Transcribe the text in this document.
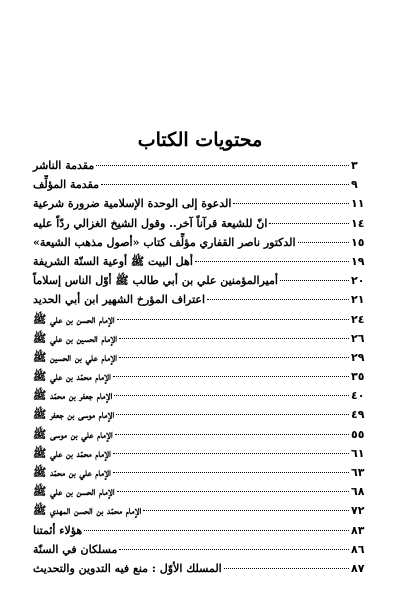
محتويات الكتاب
مقدمة الناشر	٣
مقدمة المؤلِّف	٩
الدعوة إلى الوحدة الإسلامية ضرورة شرعية	١١
انّ للشيعة قرآناً آخر.. وقول الشيخ الغزالي ردّاً عليه	١٤
الدكتور ناصر القفاري مؤلِّف كتاب «أصول مذهب الشيعة»	١٥
أهل البيت ﷺ أوعية السنّة الشريفة	١٩
أميرالمؤمنين علي بن أبي طالب ﷺ أوّل الناس إسلاماً	٢٠
اعتراف المؤرخ الشهير ابن أبي الحديد	٢١
الإمام الحسن بن علي ﷺ	٢٤
الإمام الحسين بن علي ﷺ	٢٦
الإمام علي بن الحسين ﷺ	٢٩
الإمام محمّد بن علي ﷺ	٣٥
الإمام جعفر بن محمّد ﷺ	٤٠
الإمام موسى بن جعفر ﷺ	٤٩
الإمام علي بن موسى ﷺ	٥٥
الإمام محمّد بن علي ﷺ	٦١
الإمام علي بن محمّد ﷺ	٦٣
الإمام الحسن بن علي ﷺ	٦٨
الإمام محمّد بن الحسن المهدي ﷺ	٧٢
هؤلاء أئمتنا	٨٣
مسلكان في السنّة	٨٦
المسلك الأوّل : منع فيه التدوين والتحديث	٨٧
